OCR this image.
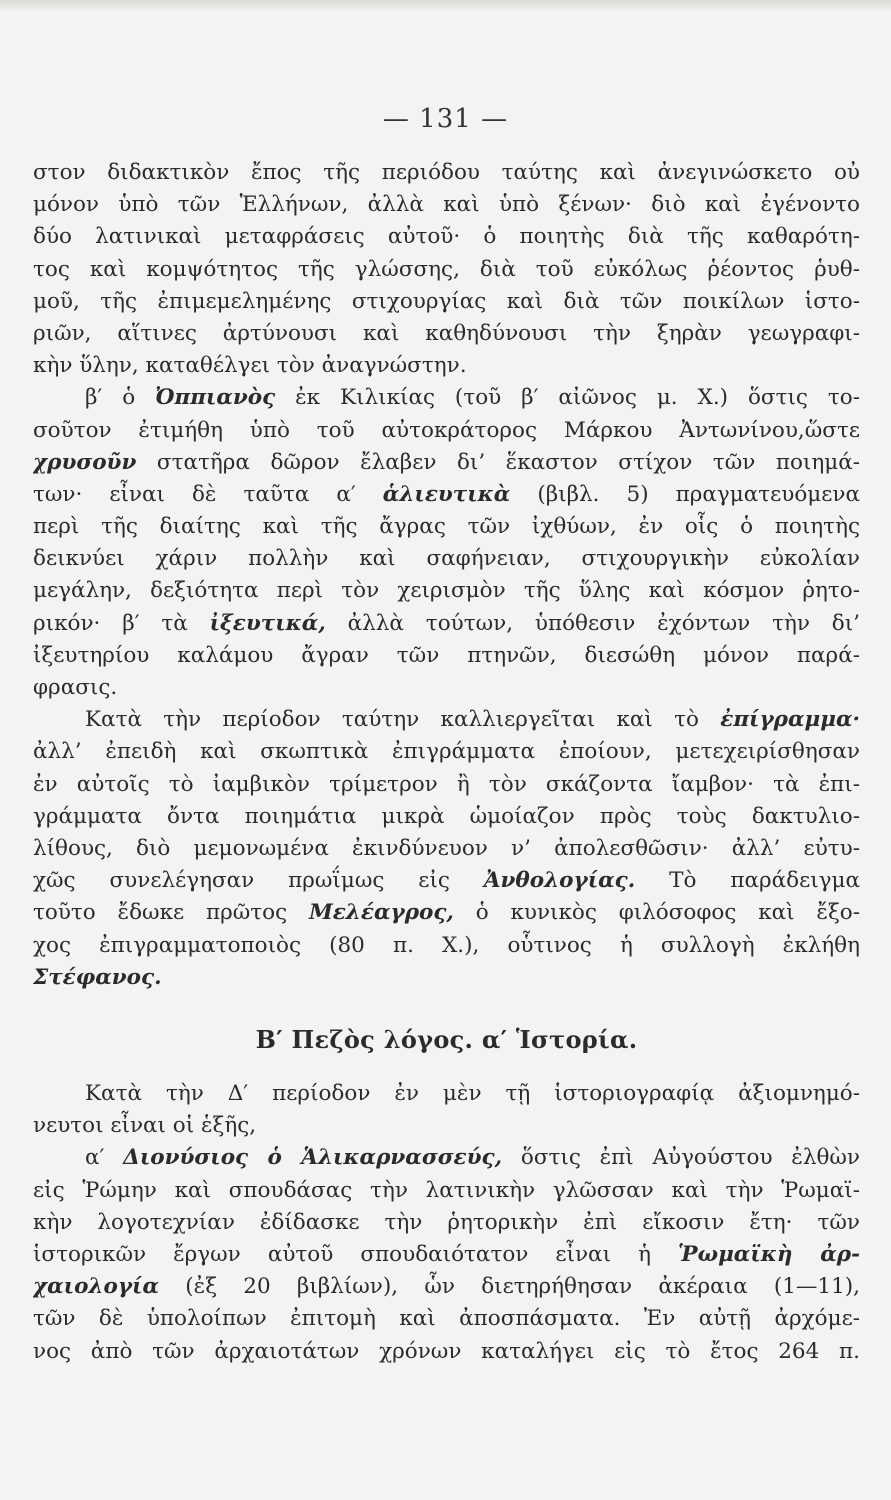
— 131 —
στον διδακτικὸν ἔπος τῆς περιόδου ταύτης καὶ ἀνεγινώσκετο οὐ
μόνον ὑπὸ τῶν Ἑλλήνων, ἀλλὰ καὶ ὑπὸ ξένων· διὸ καὶ ἐγένοντο
δύο λατινικαὶ μεταφράσεις αὐτοῦ· ὁ ποιητὴς διὰ τῆς καθαρότη-
τος καὶ κομψότητος τῆς γλώσσης, διὰ τοῦ εὐκόλως ῥέοντος ῥυθ-
μοῦ, τῆς ἐπιμεμελημένης στιχουργίας καὶ διὰ τῶν ποικίλων ἱστο-
ριῶν, αἵτινες ἀρτύνουσι καὶ καθηδύνουσι τὴν ξηρὰν γεωγραφι-
κὴν ὕλην, καταθέλγει τὸν ἀναγνώστην.
β′ ὁ Ὀππιανὸς ἐκ Κιλικίας (τοῦ β′ αἰῶνος μ. Χ.) ὅστις το-
σοῦτον ἐτιμήθη ὑπὸ τοῦ αὐτοκράτορος Μάρκου Ἀντωνίνου,ὥστε
χρυσοῦν στατῆρα δῶρον ἔλαβεν δι’ ἕκαστον στίχον τῶν ποιημά-
των· εἶναι δὲ ταῦτα α′ ἁλιευτικὰ (βιβλ. 5) πραγματευόμενα
περὶ τῆς διαίτης καὶ τῆς ἄγρας τῶν ἰχθύων, ἐν οἷς ὁ ποιητὴς
δεικνύει χάριν πολλὴν καὶ σαφήνειαν, στιχουργικὴν εὐκολίαν
μεγάλην, δεξιότητα περὶ τὸν χειρισμὸν τῆς ὕλης καὶ κόσμον ῥητο-
ρικόν· β′ τὰ ἰξευτικά, ἀλλὰ τούτων, ὑπόθεσιν ἐχόντων τὴν δι’
ἰξευτηρίου καλάμου ἄγραν τῶν πτηνῶν, διεσώθη μόνον παρά-
φρασις.
Κατὰ τὴν περίοδον ταύτην καλλιεργεῖται καὶ τὸ ἐπίγραμμα·
ἀλλ’ ἐπειδὴ καὶ σκωπτικὰ ἐπιγράμματα ἐποίουν, μετεχειρίσθησαν
ἐν αὐτοῖς τὸ ἰαμβικὸν τρίμετρον ἢ τὸν σκάζοντα ἴαμβον· τὰ ἐπι-
γράμματα ὄντα ποιημάτια μικρὰ ὡμοίαζον πρὸς τοὺς δακτυλιο-
λίθους, διὸ μεμονωμένα ἐκινδύνευον ν’ ἀπολεσθῶσιν· ἀλλ’ εὐτυ-
χῶς συνελέγησαν πρωΐμως εἰς Ἀνθολογίας. Τὸ παράδειγμα
τοῦτο ἔδωκε πρῶτος Μελέαγρος, ὁ κυνικὸς φιλόσοφος καὶ ἔξο-
χος ἐπιγραμματοποιὸς (80 π. Χ.), οὗτινος ἡ συλλογὴ ἐκλήθη
Στέφανος.
Β′ Πεζὸς λόγος. α′ Ἱστορία.
Κατὰ τὴν Δ′ περίοδον ἐν μὲν τῇ ἱστοριογραφίᾳ ἀξιομνημό-
νευτοι εἶναι οἱ ἑξῆς,
α′ Διονύσιος ὁ Ἁλικαρνασσεύς, ὅστις ἐπὶ Αὐγούστου ἐλθὼν
εἰς Ῥώμην καὶ σπουδάσας τὴν λατινικὴν γλῶσσαν καὶ τὴν Ῥωμαϊ-
κὴν λογοτεχνίαν ἐδίδασκε τὴν ῥητορικὴν ἐπὶ εἴκοσιν ἔτη· τῶν
ἱστορικῶν ἔργων αὐτοῦ σπουδαιότατον εἶναι ἡ Ῥωμαϊκὴ ἀρ-
χαιολογία (ἐξ 20 βιβλίων), ὧν διετηρήθησαν ἀκέραια (1—11),
τῶν δὲ ὑπολοίπων ἐπιτομὴ καὶ ἀποσπάσματα. Ἐν αὐτῇ ἀρχόμε-
νος ἀπὸ τῶν ἀρχαιοτάτων χρόνων καταλήγει εἰς τὸ ἔτος 264 π.
